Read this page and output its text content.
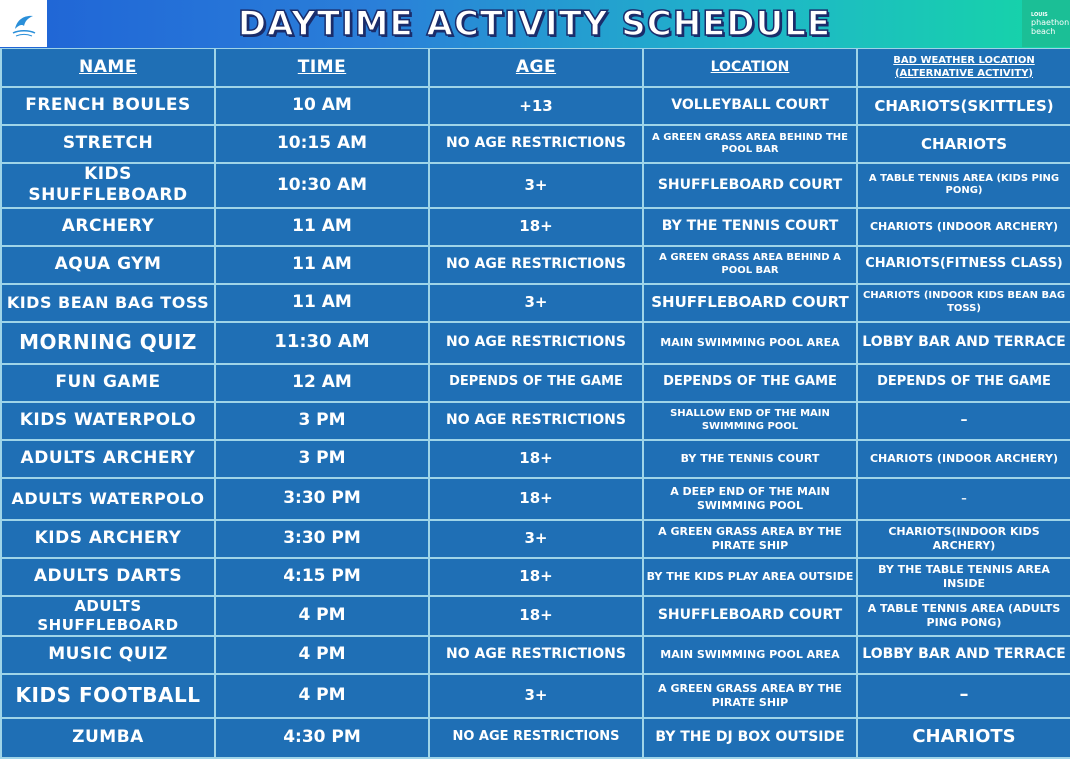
DAYTIME ACTIVITY SCHEDULE	LOUIS
phaethon
beach
NAME	TIME	AGE	LOCATION	BAD WEATHER LOCATION
(ALTERNATIVE ACTIVITY)
FRENCH BOULES	10 AM	+13	VOLLEYBALL COURT	CHARIOTS(SKITTLES)
STRETCH	10:15 AM	NO AGE RESTRICTIONS	A GREEN GRASS AREA BEHIND THE POOL BAR	CHARIOTS
KIDS SHUFFLEBOARD	10:30 AM	3+	SHUFFLEBOARD COURT	A TABLE TENNIS AREA (KIDS PING PONG)
ARCHERY	11 AM	18+	BY THE TENNIS COURT	CHARIOTS (INDOOR ARCHERY)
AQUA GYM	11 AM	NO AGE RESTRICTIONS	A GREEN GRASS AREA BEHIND A POOL BAR	CHARIOTS(FITNESS CLASS)
KIDS BEAN BAG TOSS	11 AM	3+	SHUFFLEBOARD COURT	CHARIOTS (INDOOR KIDS BEAN BAG TOSS)
MORNING QUIZ	11:30 AM	NO AGE RESTRICTIONS	MAIN SWIMMING POOL AREA	LOBBY BAR AND TERRACE
FUN GAME	12 AM	DEPENDS OF THE GAME	DEPENDS OF THE GAME	DEPENDS OF THE GAME
KIDS WATERPOLO	3 PM	NO AGE RESTRICTIONS	SHALLOW END OF THE MAIN SWIMMING POOL	–
ADULTS ARCHERY	3 PM	18+	BY THE TENNIS COURT	CHARIOTS (INDOOR ARCHERY)
ADULTS WATERPOLO	3:30 PM	18+	A DEEP END OF THE MAIN SWIMMING POOL	–
KIDS ARCHERY	3:30 PM	3+	A GREEN GRASS AREA BY THE PIRATE SHIP	CHARIOTS(INDOOR KIDS ARCHERY)
ADULTS DARTS	4:15 PM	18+	BY THE KIDS PLAY AREA OUTSIDE	BY THE TABLE TENNIS AREA INSIDE
ADULTS SHUFFLEBOARD	4 PM	18+	SHUFFLEBOARD COURT	A TABLE TENNIS AREA (ADULTS PING PONG)
MUSIC QUIZ	4 PM	NO AGE RESTRICTIONS	MAIN SWIMMING POOL AREA	LOBBY BAR AND TERRACE
KIDS FOOTBALL	4 PM	3+	A GREEN GRASS AREA BY THE PIRATE SHIP	–
ZUMBA	4:30 PM	NO AGE RESTRICTIONS	BY THE DJ BOX OUTSIDE	CHARIOTS
